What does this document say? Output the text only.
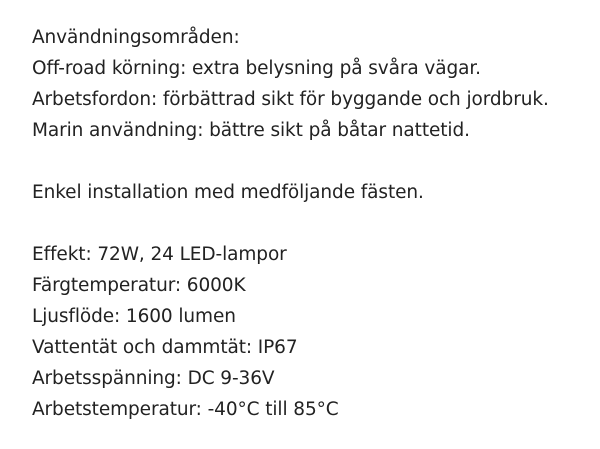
Användningsområden:
Off-road körning: extra belysning på svåra vägar.
Arbetsfordon: förbättrad sikt för byggande och jordbruk.
Marin användning: bättre sikt på båtar nattetid.
Enkel installation med medföljande fästen.
Effekt: 72W, 24 LED-lampor
Färgtemperatur: 6000K
Ljusflöde: 1600 lumen
Vattentät och dammtät: IP67
Arbetsspänning: DC 9-36V
Arbetstemperatur: -40°C till 85°C
